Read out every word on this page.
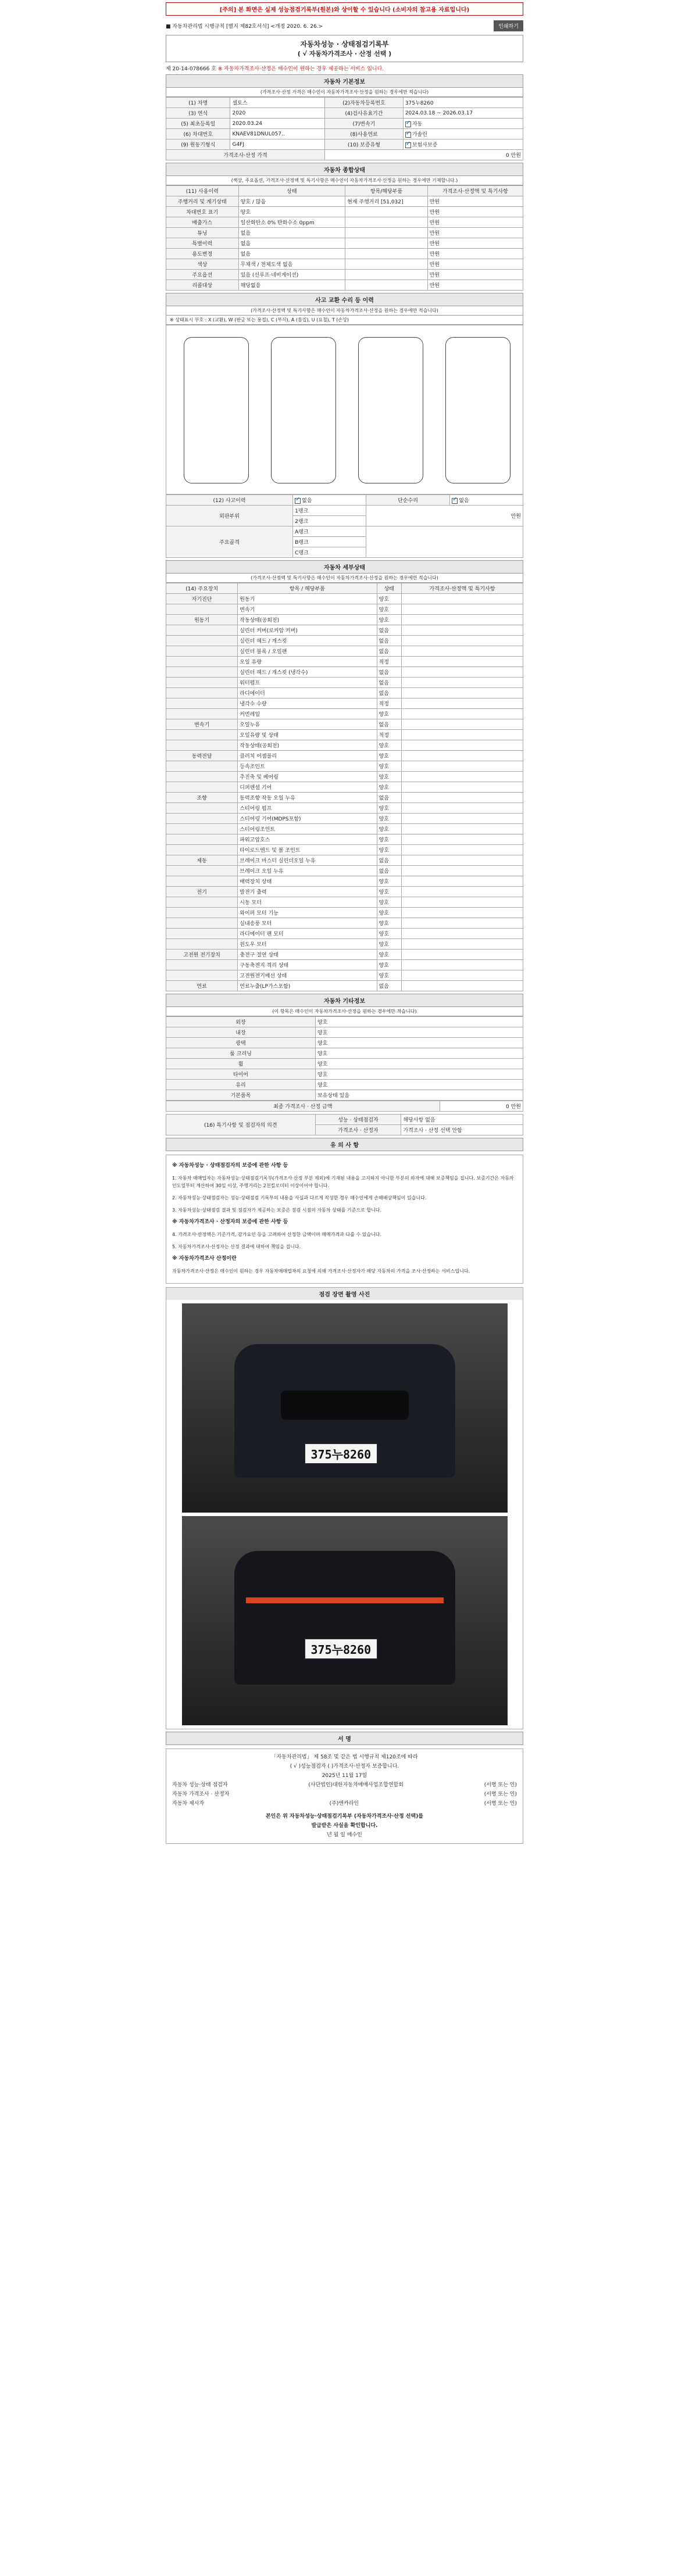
[주의] 본 화면은 실제 성능점검기록부(원본)와 상이할 수 있습니다 (소비자의 참고용 자료입니다)
■ 자동차관리법 시행규칙 [별지 제82호서식] <개정 2020. 6. 26.>	인쇄하기
자동차성능 · 상태점검기록부
( √ 자동차가격조사 · 산정 선택 )
제 20-14-078666 호 ※ 자동차가격조사·산정은 매수인이 원하는 경우 제공하는 서비스 입니다.
자동차 기본정보
(가격조사·산정 가격은 매수인이 자동차가격조사·산정을 원하는 경우에만 적습니다)
(1) 차명	셀토스	(2)자동차등록번호	375누8260
(3) 연식	2020	(4)검사유효기간	2024.03.18 ~ 2026.03.17
(5) 최초등록일	2020.03.24	(7)변속기	✓자동
(6) 차대번호	KNAEV81DNUL057..	(8)사용연료	✓가솔린
(9) 원동기형식	G4FJ	(10) 보증유형	✓보험사보증
가격조사·산정 가격		0 만원	
자동차 종합상태
(색상, 주요옵션, 가격조사·산정액 및 특기사항은 매수인이 자동차가격조사·산정을 원하는 경우에만 기재합니다.)
(11) 사용이력	상태	항목/해당부품	가격조사·산정액 및 특기사항
주행거리 및 계기상태	양호 / 많음	현재 주행거리 [51,032]	만원
차대번호 표기	양호		만원
배출가스	일산화탄소 0% 탄화수소 0ppm		만원
튜닝	없음		만원
특별이력	없음		만원
용도변경	없음		만원
색상	무채색 / 전체도색 없음		만원
주요옵션	있음 (선루프·네비게이션)		만원
리콜대상	해당없음		만원
사고 교환 수리 등 이력
(가격조사·산정액 및 특기사항은 매수인이 자동차가격조사·산정을 원하는 경우에만 적습니다)
※ 상태표시 부호 : X (교환), W (판금 또는 용접), C (부식), A (흠집), U (요철), T (손상)
(12) 사고이력	✓없음	단순수리	✓없음
외판부위	1랭크	만원	
	2랭크		
주요골격	A랭크		
	B랭크		
	C랭크		
자동차 세부상태
(가격조사·산정액 및 특기사항은 매수인이 자동차가격조사·산정을 원하는 경우에만 적습니다)
(14) 주요장치	항목 / 해당부품	상태	가격조사·산정액 및 특기사항
자기진단	원동기	양호	
	변속기	양호	
원동기	작동상태(공회전)	양호	
	실린더 커버(로커암 커버)	없음	
	실린더 헤드 / 개스킷	없음	
	실린더 블록 / 오일팬	없음	
	오일 유량	적정	
	실린더 헤드 / 개스킷 (냉각수)	없음	
	워터펌프	없음	
	라디에이터	없음	
	냉각수 수량	적정	
	커먼레일	양호	
변속기	오일누유	없음	
	오일유량 및 상태	적정	
	작동상태(공회전)	양호	
동력전달	클러치 어셈블리	양호	
	등속조인트	양호	
	추진축 및 베어링	양호	
	디퍼렌셜 기어	양호	
조향	동력조향 작동 오일 누유	없음	
	스티어링 펌프	양호	
	스티어링 기어(MDPS포함)	양호	
	스티어링조인트	양호	
	파워고압호스	양호	
	타이로드엔드 및 볼 조인트	양호	
제동	브레이크 마스터 실린더오일 누유	없음	
	브레이크 오일 누유	없음	
	배력장치 상태	양호	
전기	발전기 출력	양호	
	시동 모터	양호	
	와이퍼 모터 기능	양호	
	실내송풍 모터	양호	
	라디에이터 팬 모터	양호	
	윈도우 모터	양호	
고전원 전기장치	충전구 절연 상태	양호	
	구동축전지 격리 상태	양호	
	고전원전기배선 상태	양호	
연료	연료누출(LP가스포함)	없음	
자동차 기타정보
(이 항목은 매수인이 자동차가격조사·산정을 원하는 경우에만 적습니다)
외장	양호
내장	양호
광택	양호
룸 크리닝	양호
휠	양호
타이어	양호
유리	양호
기본품목	보유상태 있음
최종 가격조사 · 산정 금액	0 만원
(16) 특기사항 및 점검자의 의견	성능 · 상태점검자	해당사항 없음
	가격조사 · 산정자	가격조사 · 산정 선택 안함
유 의 사 항
※ 자동차성능 · 상태점검자의 보증에 관한 사항 등

1. 자동차 매매업자는 자동차성능·상태점검기록부(가격조사·산정 부분 제외)에 기재된 내용을 고지하지 아니한 부분의 하자에 대해 보증책임을 집니다. 보증기간은 자동차 인도일부터 계산하여 30일 이상, 주행거리는 2천킬로미터 이상이어야 합니다.

2. 자동차성능·상태점검자는 성능·상태점검 기록부의 내용을 사실과 다르게 작성한 경우 매수인에게 손해배상책임이 있습니다.

3. 자동차성능·상태점검 결과 및 점검자가 제공하는 보증은 점검 시점의 자동차 상태를 기준으로 합니다.

※ 자동차가격조사 · 산정자의 보증에 관한 사항 등

4. 가격조사·산정액은 기준가격, 감가요인 등을 고려하여 산정한 금액이며 매매가격과 다를 수 있습니다.

5. 자동차가격조사·산정자는 산정 결과에 대하여 책임을 집니다.

※ 자동차가격조사 산정이란

자동차가격조사·산정은 매수인이 원하는 경우 자동차매매업자의 요청에 의해 가격조사·산정자가 해당 자동차의 가격을 조사·산정하는 서비스입니다.

점검 장면 촬영 사진
375누8260
375누8260
서 명
「자동차관리법」 제 58조 및 같은 법 시행규칙 제120조에 따라
( √ )성능점검자 ( )가격조사·산정자 보증합니다.
2025년 11월 17일
자동차 성능·상태 점검자	(사단법인)대한자동차매매사업조합연합회	(서명 또는 인)
자동차 가격조사 · 산정자	(서명 또는 인)
자동차 제시자	(주)엔카라인	(서명 또는 인)
본인은 위 자동차성능·상태점검기록부 (자동차가격조사·산정 선택)를
발급받은 사실을 확인합니다.
년 월 일 매수인
